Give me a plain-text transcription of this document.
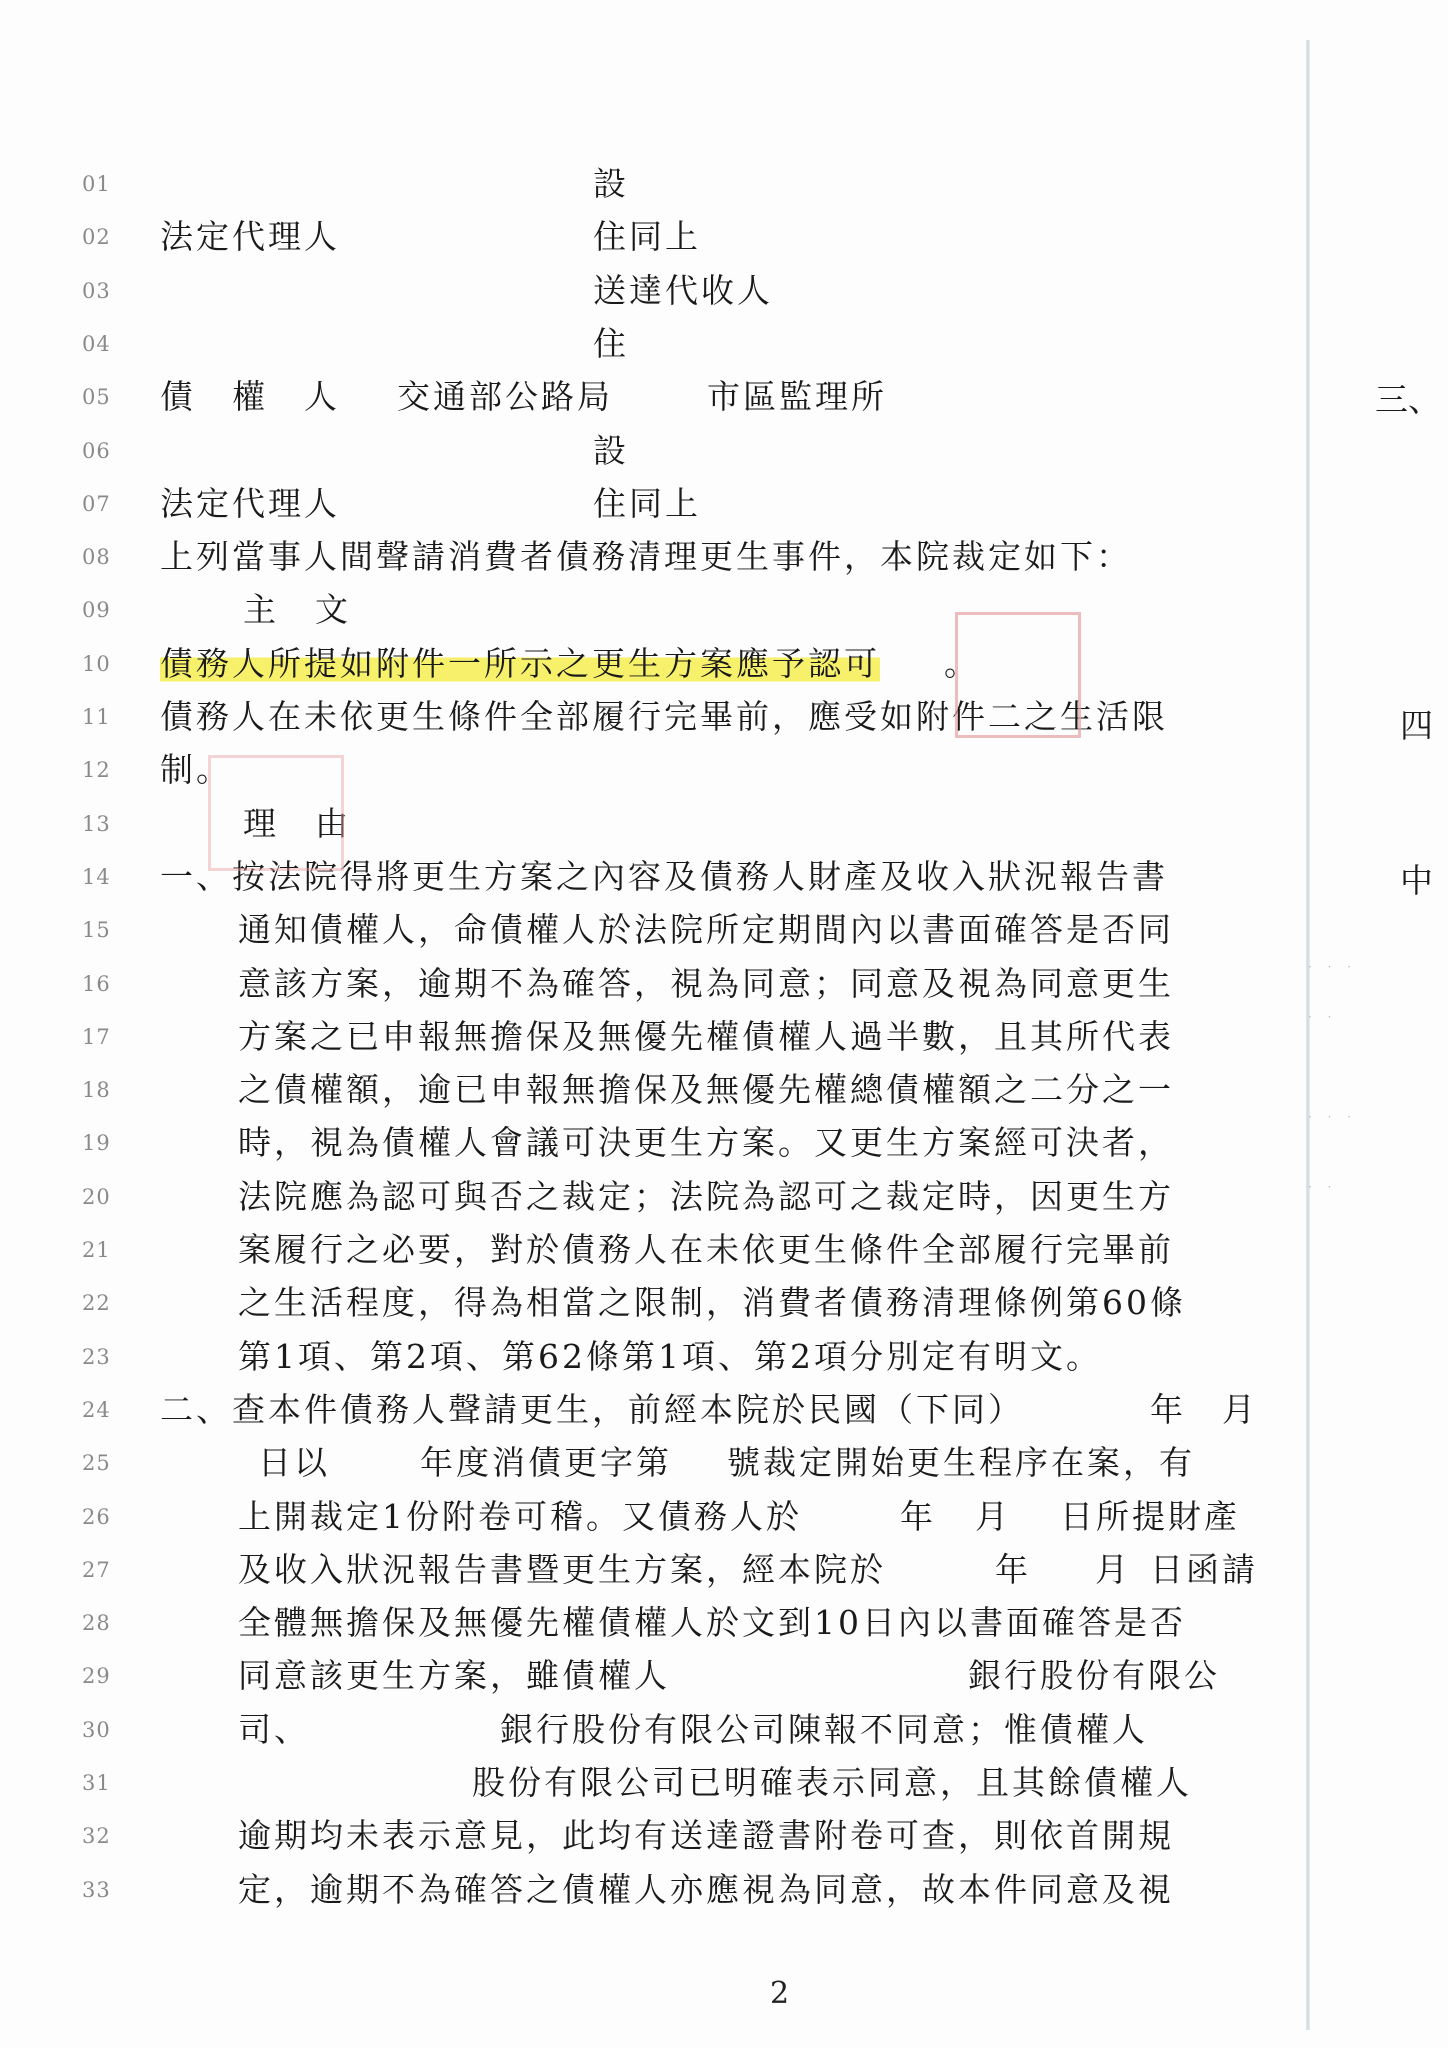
01	設
02 法定代理人	住同上
03	送達代收人
04	住
05 債　權　人 交通部公路局	市區監理所
06	設
07 法定代理人	住同上
08 上列當事人間聲請消費者債務清理更生事件，本院裁定如下：
09	主　文
10 債務人所提如附件一所示之更生方案應予認可 。
11 債務人在未依更生條件全部履行完畢前，應受如附件二之生活限
12 制。
13	理　由
14 一、按法院得將更生方案之內容及債務人財產及收入狀況報告書
15	通知債權人，命債權人於法院所定期間內以書面確答是否同
16	意該方案，逾期不為確答，視為同意；同意及視為同意更生
17	方案之已申報無擔保及無優先權債權人過半數，且其所代表
18	之債權額，逾已申報無擔保及無優先權總債權額之二分之一
19	時，視為債權人會議可決更生方案。又更生方案經可決者，
20	法院應為認可與否之裁定；法院為認可之裁定時，因更生方
21	案履行之必要，對於債務人在未依更生條件全部履行完畢前
22	之生活程度，得為相當之限制，消費者債務清理條例第60條
23	第1項、第2項、第62條第1項、第2項分別定有明文。
24 二、查本件債務人聲請更生，前經本院於民國（下同）	年　月
25	日以	年度消債更字第 號裁定開始更生程序在案，有
26	上開裁定1份附卷可稽。又債務人於	年 月 日所提財產
27	及收入狀況報告書暨更生方案，經本院於	年 月 日函請
28	全體無擔保及無優先權債權人於文到10日內以書面確答是否
29	同意該更生方案，雖債權人	銀行股份有限公
30	司、	銀行股份有限公司陳報不同意；惟債權人
31	股份有限公司已明確表示同意，且其餘債權人
32	逾期均未表示意見，此均有送達證書附卷可查，則依首開規
33	定，逾期不為確答之債權人亦應視為同意，故本件同意及視
三、
四
中
· · ·
· ·
· · ·
· ·
2
